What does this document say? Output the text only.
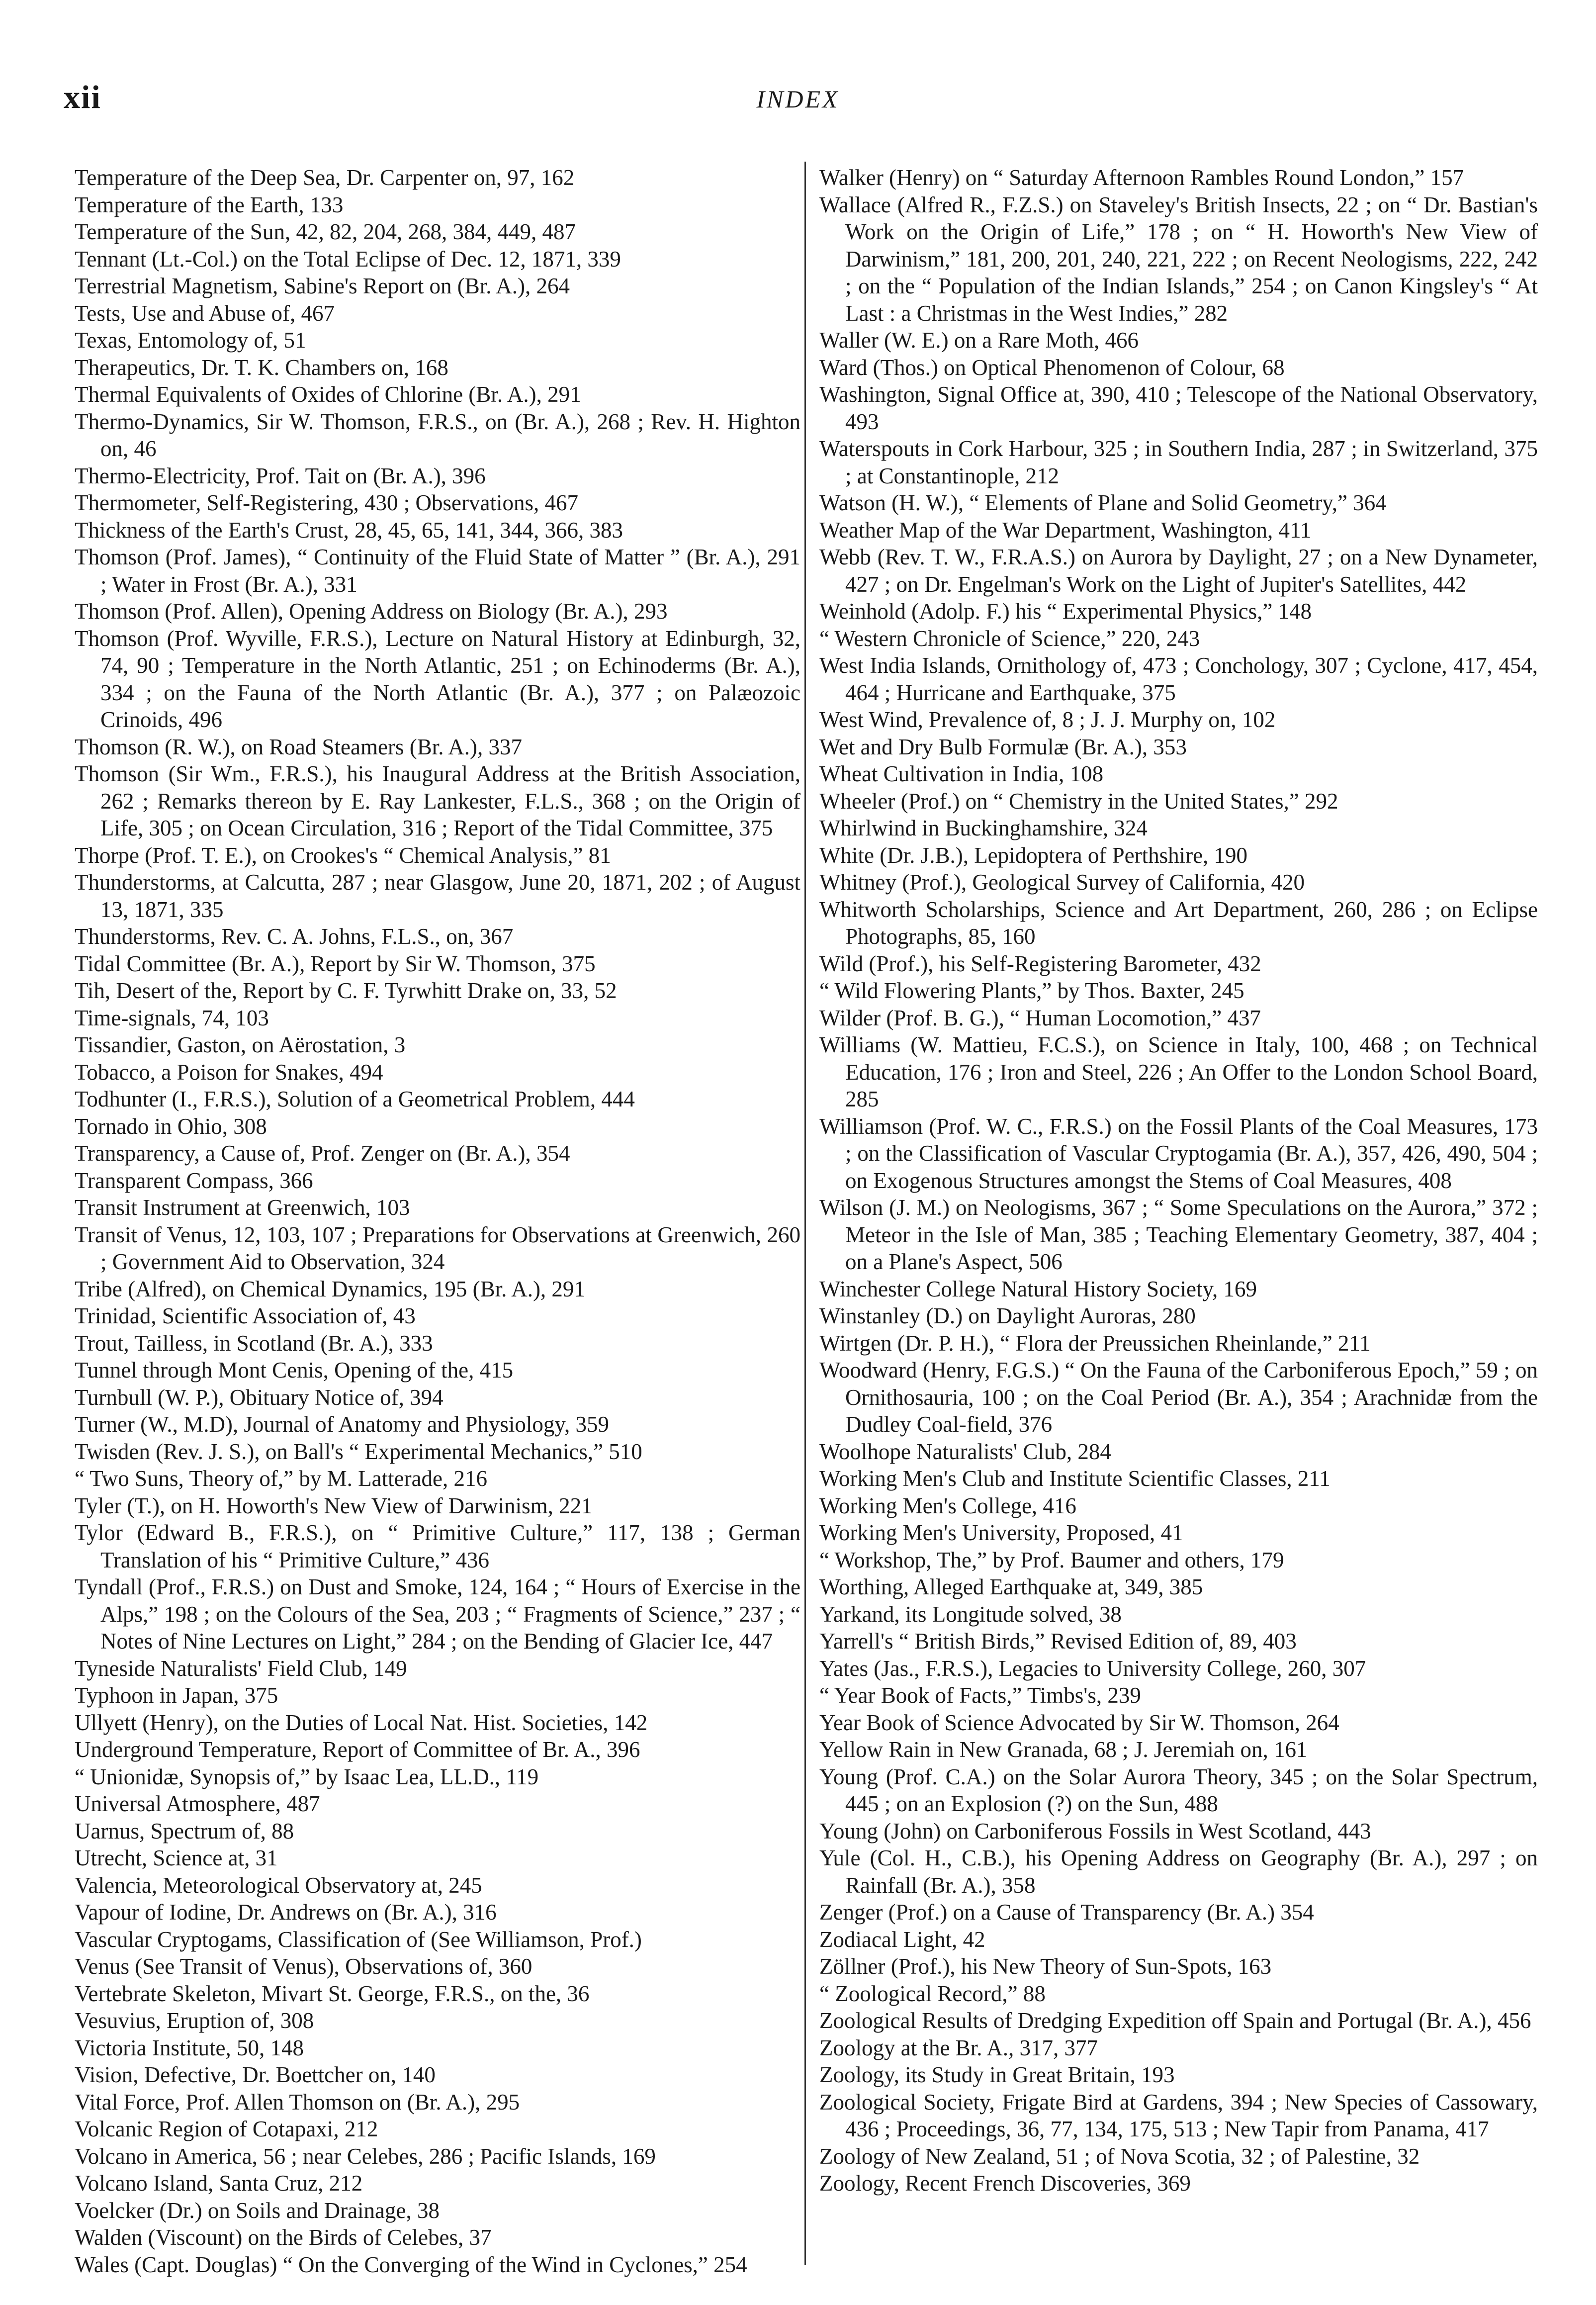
xii	INDEX
Temperature of the Deep Sea, Dr. Carpenter on, 97, 162
Temperature of the Earth, 133
Temperature of the Sun, 42, 82, 204, 268, 384, 449, 487
Tennant (Lt.-Col.) on the Total Eclipse of Dec. 12, 1871, 339
Terrestrial Magnetism, Sabine's Report on (Br. A.), 264
Tests, Use and Abuse of, 467
Texas, Entomology of, 51
Therapeutics, Dr. T. K. Chambers on, 168
Thermal Equivalents of Oxides of Chlorine (Br. A.), 291
Thermo-Dynamics, Sir W. Thomson, F.R.S., on (Br. A.), 268 ; Rev. H. Highton on, 46
Thermo-Electricity, Prof. Tait on (Br. A.), 396
Thermometer, Self-Registering, 430 ; Observations, 467
Thickness of the Earth's Crust, 28, 45, 65, 141, 344, 366, 383
Thomson (Prof. James), “ Continuity of the Fluid State of Matter ” (Br. A.), 291 ; Water in Frost (Br. A.), 331
Thomson (Prof. Allen), Opening Address on Biology (Br. A.), 293
Thomson (Prof. Wyville, F.R.S.), Lecture on Natural History at Edinburgh, 32, 74, 90 ; Temperature in the North Atlantic, 251 ; on Echinoderms (Br. A.), 334 ; on the Fauna of the North Atlantic (Br. A.), 377 ; on Palæozoic Crinoids, 496
Thomson (R. W.), on Road Steamers (Br. A.), 337
Thomson (Sir Wm., F.R.S.), his Inaugural Address at the British Association, 262 ; Remarks thereon by E. Ray Lankester, F.L.S., 368 ; on the Origin of Life, 305 ; on Ocean Circulation, 316 ; Report of the Tidal Committee, 375
Thorpe (Prof. T. E.), on Crookes's “ Chemical Analysis,” 81
Thunderstorms, at Calcutta, 287 ; near Glasgow, June 20, 1871, 202 ; of August 13, 1871, 335
Thunderstorms, Rev. C. A. Johns, F.L.S., on, 367
Tidal Committee (Br. A.), Report by Sir W. Thomson, 375
Tih, Desert of the, Report by C. F. Tyrwhitt Drake on, 33, 52
Time-signals, 74, 103
Tissandier, Gaston, on Aërostation, 3
Tobacco, a Poison for Snakes, 494
Todhunter (I., F.R.S.), Solution of a Geometrical Problem, 444
Tornado in Ohio, 308
Transparency, a Cause of, Prof. Zenger on (Br. A.), 354
Transparent Compass, 366
Transit Instrument at Greenwich, 103
Transit of Venus, 12, 103, 107 ; Preparations for Observations at Greenwich, 260 ; Government Aid to Observation, 324
Tribe (Alfred), on Chemical Dynamics, 195 (Br. A.), 291
Trinidad, Scientific Association of, 43
Trout, Tailless, in Scotland (Br. A.), 333
Tunnel through Mont Cenis, Opening of the, 415
Turnbull (W. P.), Obituary Notice of, 394
Turner (W., M.D), Journal of Anatomy and Physiology, 359
Twisden (Rev. J. S.), on Ball's “ Experimental Mechanics,” 510
“ Two Suns, Theory of,” by M. Latterade, 216
Tyler (T.), on H. Howorth's New View of Darwinism, 221
Tylor (Edward B., F.R.S.), on “ Primitive Culture,” 117, 138 ; German Translation of his “ Primitive Culture,” 436
Tyndall (Prof., F.R.S.) on Dust and Smoke, 124, 164 ; “ Hours of Exercise in the Alps,” 198 ; on the Colours of the Sea, 203 ; “ Fragments of Science,” 237 ; “ Notes of Nine Lectures on Light,” 284 ; on the Bending of Glacier Ice, 447
Tyneside Naturalists' Field Club, 149
Typhoon in Japan, 375
Ullyett (Henry), on the Duties of Local Nat. Hist. Societies, 142
Underground Temperature, Report of Committee of Br. A., 396
“ Unionidæ, Synopsis of,” by Isaac Lea, LL.D., 119
Universal Atmosphere, 487
Uarnus, Spectrum of, 88
Utrecht, Science at, 31
Valencia, Meteorological Observatory at, 245
Vapour of Iodine, Dr. Andrews on (Br. A.), 316
Vascular Cryptogams, Classification of (See Williamson, Prof.)
Venus (See Transit of Venus), Observations of, 360
Vertebrate Skeleton, Mivart St. George, F.R.S., on the, 36
Vesuvius, Eruption of, 308
Victoria Institute, 50, 148
Vision, Defective, Dr. Boettcher on, 140
Vital Force, Prof. Allen Thomson on (Br. A.), 295
Volcanic Region of Cotapaxi, 212
Volcano in America, 56 ; near Celebes, 286 ; Pacific Islands, 169
Volcano Island, Santa Cruz, 212
Voelcker (Dr.) on Soils and Drainage, 38
Walden (Viscount) on the Birds of Celebes, 37
Wales (Capt. Douglas) “ On the Converging of the Wind in Cyclones,” 254
Walker (Henry) on “ Saturday Afternoon Rambles Round London,” 157
Wallace (Alfred R., F.Z.S.) on Staveley's British Insects, 22 ; on “ Dr. Bastian's Work on the Origin of Life,” 178 ; on “ H. Howorth's New View of Darwinism,” 181, 200, 201, 240, 221, 222 ; on Recent Neologisms, 222, 242 ; on the “ Population of the Indian Islands,” 254 ; on Canon Kingsley's “ At Last : a Christmas in the West Indies,” 282
Waller (W. E.) on a Rare Moth, 466
Ward (Thos.) on Optical Phenomenon of Colour, 68
Washington, Signal Office at, 390, 410 ; Telescope of the National Observatory, 493
Waterspouts in Cork Harbour, 325 ; in Southern India, 287 ; in Switzerland, 375 ; at Constantinople, 212
Watson (H. W.), “ Elements of Plane and Solid Geometry,” 364
Weather Map of the War Department, Washington, 411
Webb (Rev. T. W., F.R.A.S.) on Aurora by Daylight, 27 ; on a New Dynameter, 427 ; on Dr. Engelman's Work on the Light of Jupiter's Satellites, 442
Weinhold (Adolp. F.) his “ Experimental Physics,” 148
“ Western Chronicle of Science,” 220, 243
West India Islands, Ornithology of, 473 ; Conchology, 307 ; Cyclone, 417, 454, 464 ; Hurricane and Earthquake, 375
West Wind, Prevalence of, 8 ; J. J. Murphy on, 102
Wet and Dry Bulb Formulæ (Br. A.), 353
Wheat Cultivation in India, 108
Wheeler (Prof.) on “ Chemistry in the United States,” 292
Whirlwind in Buckinghamshire, 324
White (Dr. J.B.), Lepidoptera of Perthshire, 190
Whitney (Prof.), Geological Survey of California, 420
Whitworth Scholarships, Science and Art Department, 260, 286 ; on Eclipse Photographs, 85, 160
Wild (Prof.), his Self-Registering Barometer, 432
“ Wild Flowering Plants,” by Thos. Baxter, 245
Wilder (Prof. B. G.), “ Human Locomotion,” 437
Williams (W. Mattieu, F.C.S.), on Science in Italy, 100, 468 ; on Technical Education, 176 ; Iron and Steel, 226 ; An Offer to the London School Board, 285
Williamson (Prof. W. C., F.R.S.) on the Fossil Plants of the Coal Measures, 173 ; on the Classification of Vascular Cryptogamia (Br. A.), 357, 426, 490, 504 ; on Exogenous Structures amongst the Stems of Coal Measures, 408
Wilson (J. M.) on Neologisms, 367 ; “ Some Speculations on the Aurora,” 372 ; Meteor in the Isle of Man, 385 ; Teaching Elementary Geometry, 387, 404 ; on a Plane's Aspect, 506
Winchester College Natural History Society, 169
Winstanley (D.) on Daylight Auroras, 280
Wirtgen (Dr. P. H.), “ Flora der Preussichen Rheinlande,” 211
Woodward (Henry, F.G.S.) “ On the Fauna of the Carboniferous Epoch,” 59 ; on Ornithosauria, 100 ; on the Coal Period (Br. A.), 354 ; Arachnidæ from the Dudley Coal-field, 376
Woolhope Naturalists' Club, 284
Working Men's Club and Institute Scientific Classes, 211
Working Men's College, 416
Working Men's University, Proposed, 41
“ Workshop, The,” by Prof. Baumer and others, 179
Worthing, Alleged Earthquake at, 349, 385
Yarkand, its Longitude solved, 38
Yarrell's “ British Birds,” Revised Edition of, 89, 403
Yates (Jas., F.R.S.), Legacies to University College, 260, 307
“ Year Book of Facts,” Timbs's, 239
Year Book of Science Advocated by Sir W. Thomson, 264
Yellow Rain in New Granada, 68 ; J. Jeremiah on, 161
Young (Prof. C.A.) on the Solar Aurora Theory, 345 ; on the Solar Spectrum, 445 ; on an Explosion (?) on the Sun, 488
Young (John) on Carboniferous Fossils in West Scotland, 443
Yule (Col. H., C.B.), his Opening Address on Geography (Br. A.), 297 ; on Rainfall (Br. A.), 358
Zenger (Prof.) on a Cause of Transparency (Br. A.) 354
Zodiacal Light, 42
Zöllner (Prof.), his New Theory of Sun-Spots, 163
“ Zoological Record,” 88
Zoological Results of Dredging Expedition off Spain and Portugal (Br. A.), 456
Zoology at the Br. A., 317, 377
Zoology, its Study in Great Britain, 193
Zoological Society, Frigate Bird at Gardens, 394 ; New Species of Cassowary, 436 ; Proceedings, 36, 77, 134, 175, 513 ; New Tapir from Panama, 417
Zoology of New Zealand, 51 ; of Nova Scotia, 32 ; of Palestine, 32
Zoology, Recent French Discoveries, 369
